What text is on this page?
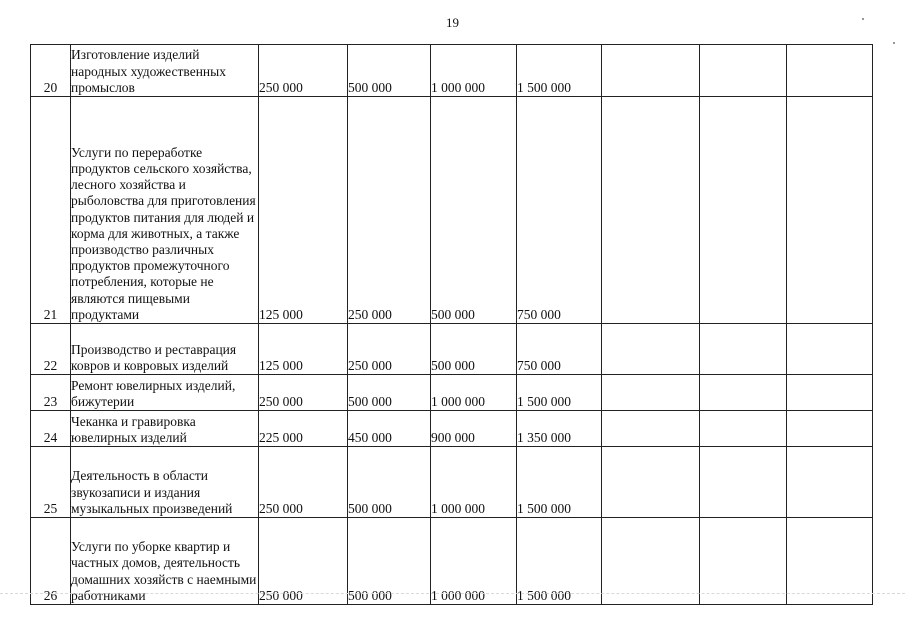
19
20	Изготовление изделий народных художественных промыслов	250 000	500 000	1 000 000	1 500 000			
21	Услуги по переработке продуктов сельского хозяйства, лесного хозяйства и рыболовства для приготовления продуктов питания для людей и корма для животных, а также производство различных продуктов промежуточного потребления, которые не являются пищевыми продуктами	125 000	250 000	500 000	750 000			
22	Производство и реставрация ковров и ковровых изделий	125 000	250 000	500 000	750 000			
23	Ремонт ювелирных изделий, бижутерии	250 000	500 000	1 000 000	1 500 000			
24	Чеканка и гравировка ювелирных изделий	225 000	450 000	900 000	1 350 000			
25	Деятельность в области звукозаписи и издания музыкальных произведений	250 000	500 000	1 000 000	1 500 000			
26	Услуги по уборке квартир и частных домов, деятельность домашних хозяйств с наемными работниками	250 000	500 000	1 000 000	1 500 000			
